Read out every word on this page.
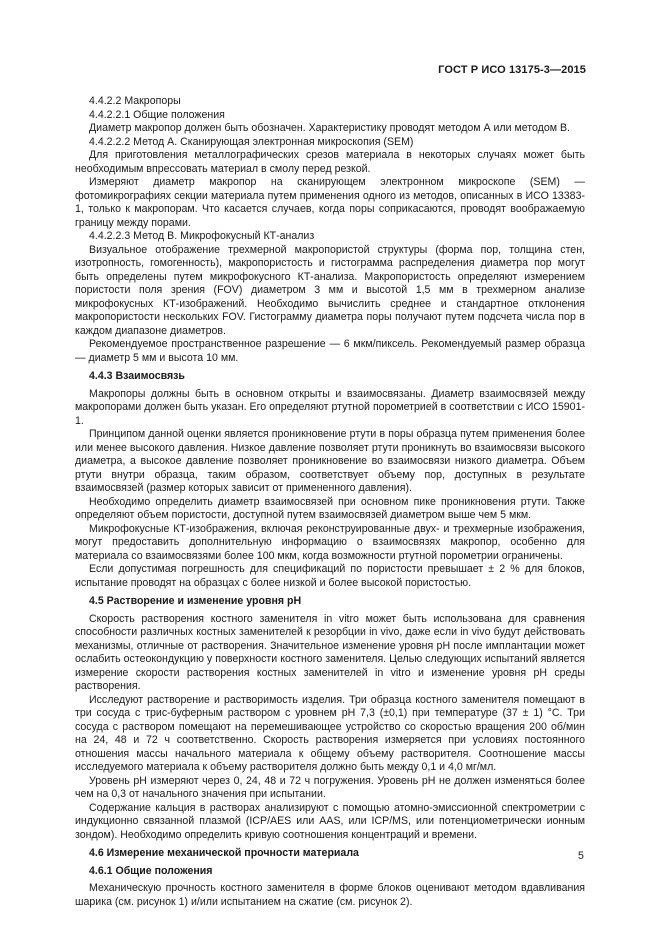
ГОСТ Р ИСО 13175-3—2015
4.4.2.2 Макропоры
4.4.2.2.1 Общие положения

Диаметр макропор должен быть обозначен. Характеристику проводят методом А или методом В.

4.4.2.2.2 Метод А. Сканирующая электронная микроскопия (SEM)

Для приготовления металлографических срезов материала в некоторых случаях может быть необходимым впрессовать материал в смолу перед резкой.

Измеряют диаметр макропор на сканирующем электронном микроскопе (SEM) — фотомикрографиях секции материала путем применения одного из методов, описанных в ИСО 13383-1, только к макропорам. Что касается случаев, когда поры соприкасаются, проводят воображаемую границу между порами.

4.4.2.2.3 Метод В. Микрофокусный КТ-анализ

Визуальное отображение трехмерной макропористой структуры (форма пор, толщина стен, изотропность, гомогенность), макропористость и гистограмма распределения диаметра пор могут быть определены путем микрофокусного КТ-анализа. Макропористость определяют измерением пористости поля зрения (FOV) диаметром 3 мм и высотой 1,5 мм в трехмерном анализе микрофокусных КТ-изображений. Необходимо вычислить среднее и стандартное отклонения макропористости нескольких FOV. Гистограмму диаметра поры получают путем подсчета числа пор в каждом диапазоне диаметров.

Рекомендуемое пространственное разрешение — 6 мкм/пиксель. Рекомендуемый размер образца — диаметр 5 мм и высота 10 мм.

4.4.3 Взаимосвязь

Макропоры должны быть в основном открыты и взаимосвязаны. Диаметр взаимосвязей между макропорами должен быть указан. Его определяют ртутной порометрией в соответствии с ИСО 15901-1.

Принципом данной оценки является проникновение ртути в поры образца путем применения более или менее высокого давления. Низкое давление позволяет ртути проникнуть во взаимосвязи высокого диаметра, а высокое давление позволяет проникновение во взаимосвязи низкого диаметра. Объем ртути внутри образца, таким образом, соответствует объему пор, доступных в результате взаимосвязей (размер которых зависит от примененного давления).

Необходимо определить диаметр взаимосвязей при основном пике проникновения ртути. Также определяют объем пористости, доступной путем взаимосвязей диаметром выше чем 5 мкм.

Микрофокусные КТ-изображения, включая реконструированные двух- и трехмерные изображения, могут предоставить дополнительную информацию о взаимосвязях макропор, особенно для материала со взаимосвязями более 100 мкм, когда возможности ртутной порометрии ограничены.

Если допустимая погрешность для спецификаций по пористости превышает ± 2 % для блоков, испытание проводят на образцах с более низкой и более высокой пористостью.

4.5 Растворение и изменение уровня рН

Скорость растворения костного заменителя in vitro может быть использована для сравнения способности различных костных заменителей к резорбции in vivo, даже если in vivo будут действовать механизмы, отличные от растворения. Значительное изменение уровня рН после имплантации может ослабить остеокондукцию у поверхности костного заменителя. Целью следующих испытаний является измерение скорости растворения костных заменителей in vitro и изменение уровня рН среды растворения.

Исследуют растворение и растворимость изделия. Три образца костного заменителя помещают в три сосуда с трис-буферным раствором с уровнем рН 7,3 (±0,1) при температуре (37 ± 1) °С. Три сосуда с раствором помещают на перемешивающее устройство со скоростью вращения 200 об/мин на 24, 48 и 72 ч соответственно. Скорость растворения измеряется при условиях постоянного отношения массы начального материала к общему объему растворителя. Соотношение массы исследуемого материала к объему растворителя должно быть между 0,1 и 4,0 мг/мл.

Уровень рН измеряют через 0, 24, 48 и 72 ч погружения. Уровень рН не должен изменяться более чем на 0,3 от начального значения при испытании.

Содержание кальция в растворах анализируют с помощью атомно-эмиссионной спектрометрии с индукционно связанной плазмой (ICP/AES или AAS, или ICP/MS, или потенциометрически ионным зондом). Необходимо определить кривую соотношения концентраций и времени.

4.6 Измерение механической прочности материала
4.6.1 Общие положения

Механическую прочность костного заменителя в форме блоков оценивают методом вдавливания шарика (см. рисунок 1) и/или испытанием на сжатие (см. рисунок 2).

5
